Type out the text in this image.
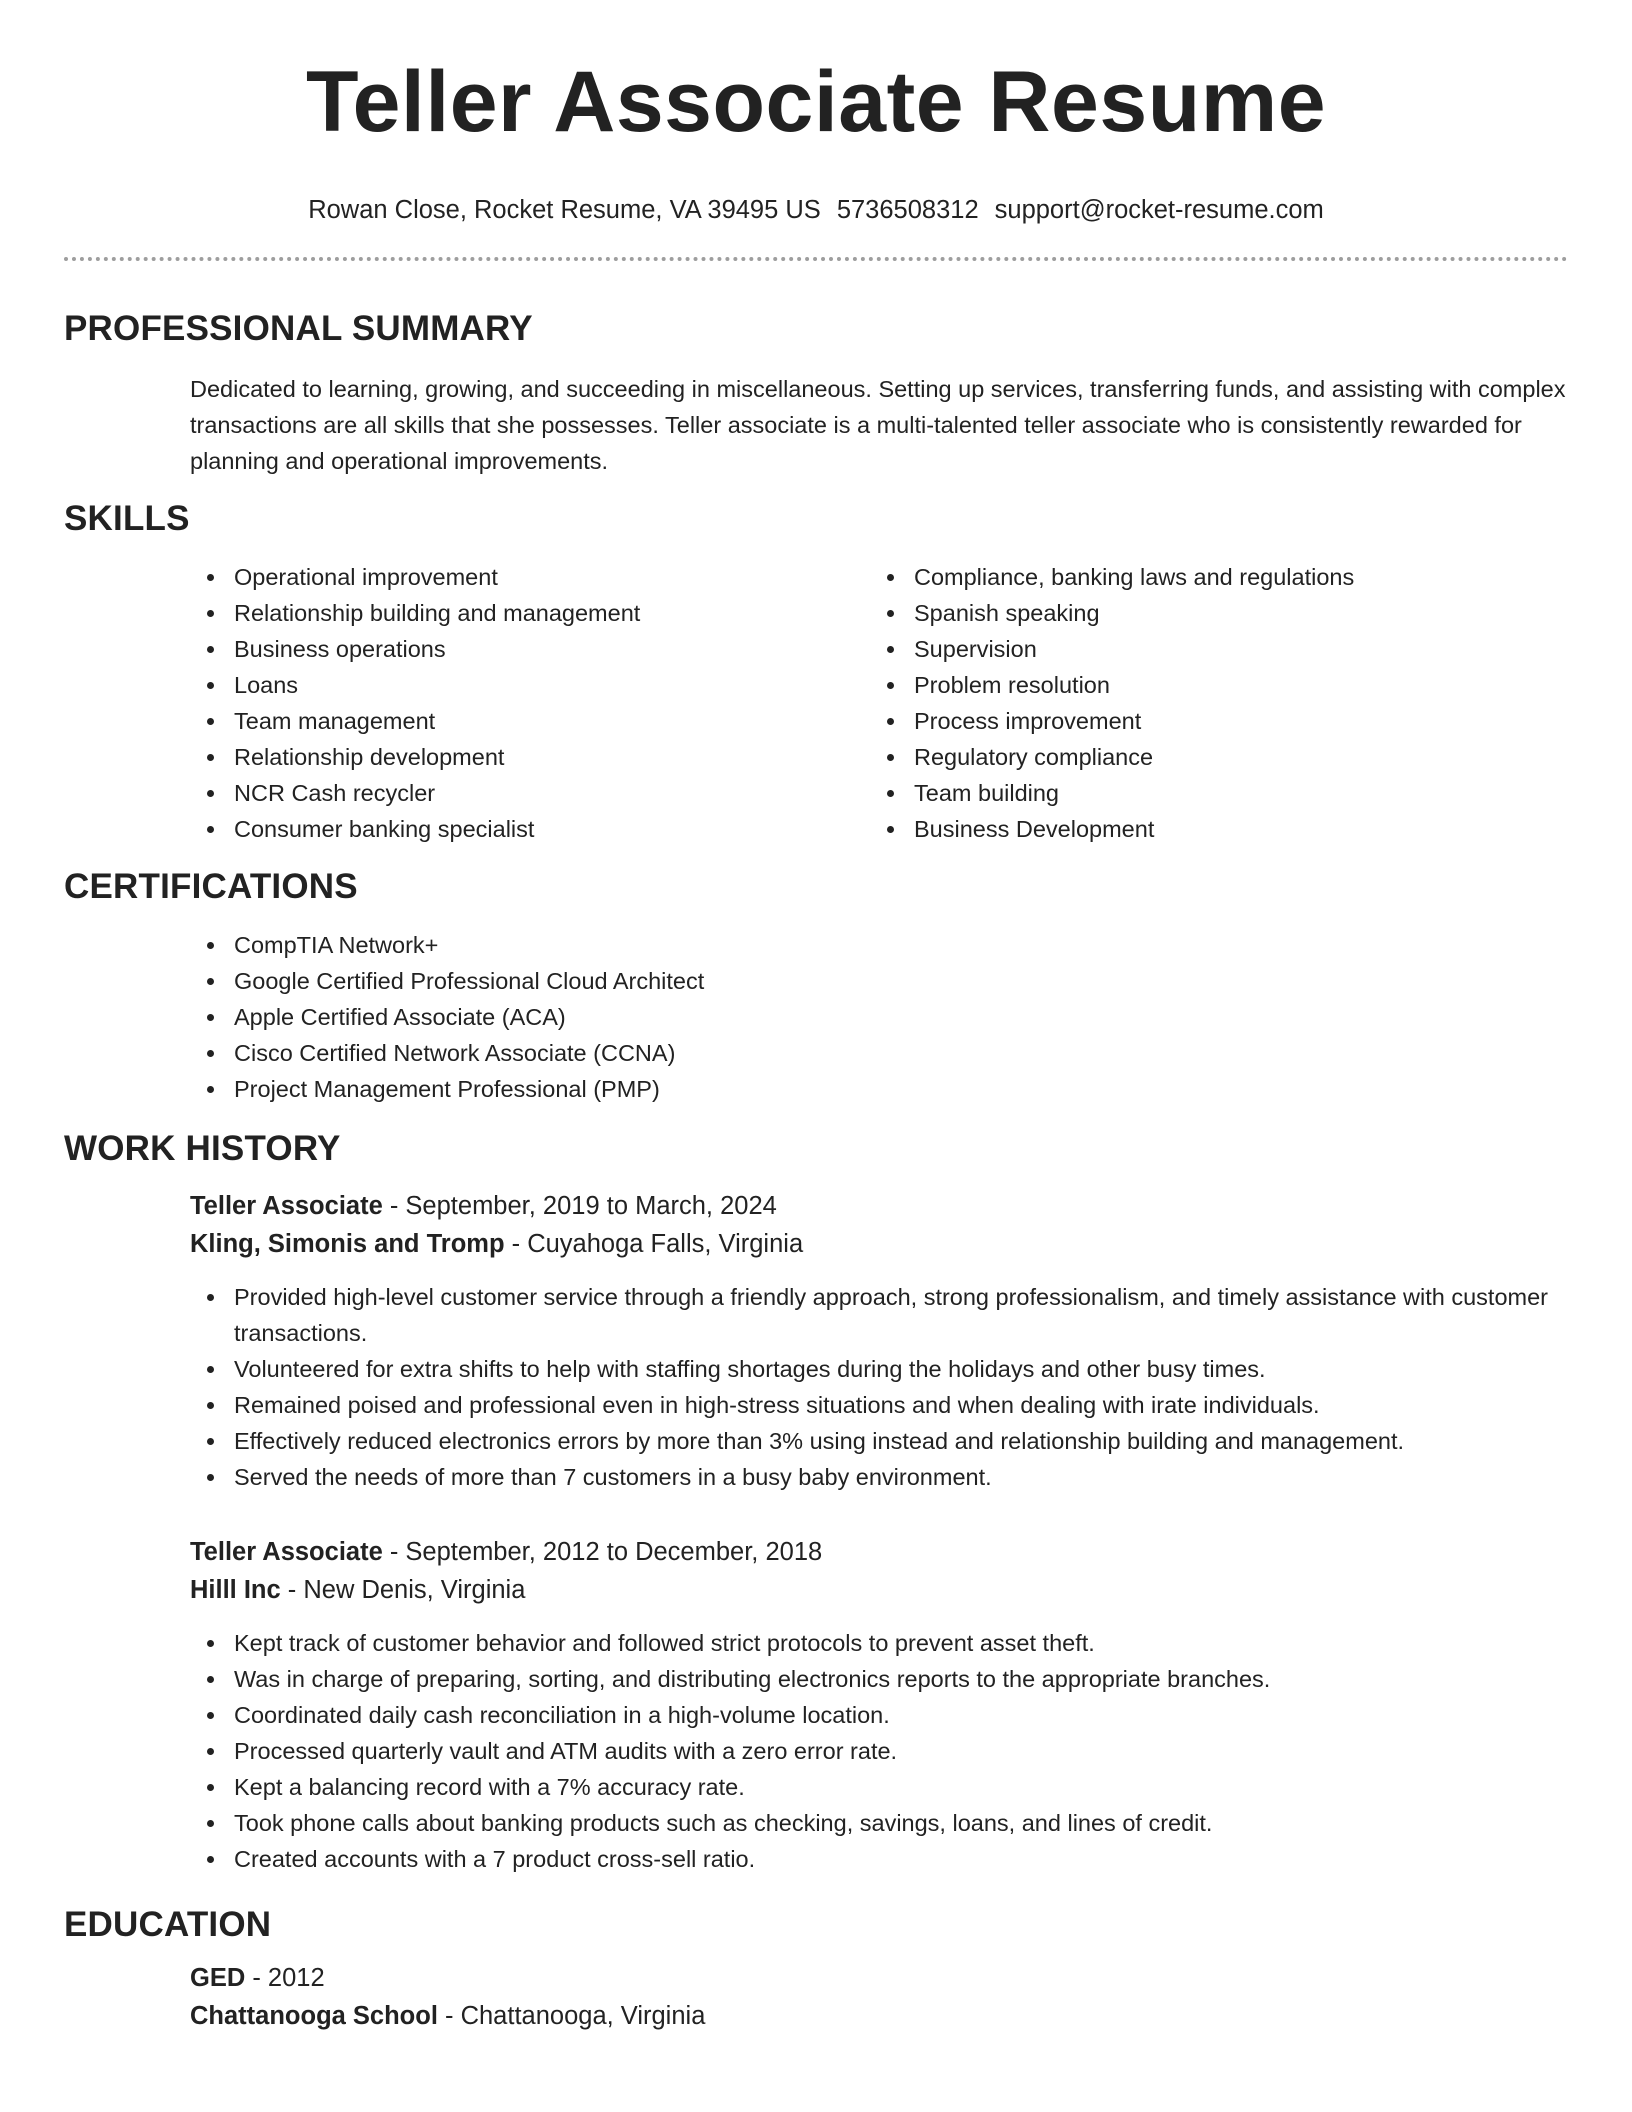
Teller Associate Resume
Rowan Close, Rocket Resume, VA 39495 US 5736508312 support@rocket-resume.com
PROFESSIONAL SUMMARY

Dedicated to learning, growing, and succeeding in miscellaneous. Setting up services, transferring funds, and assisting with complex transactions are all skills that she possesses. Teller associate is a multi-talented teller associate who is consistently rewarded for planning and operational improvements.

SKILLS
Operational improvement
Relationship building and management
Business operations
Loans
Team management
Relationship development
NCR Cash recycler
Consumer banking specialist
Compliance, banking laws and regulations
Spanish speaking
Supervision
Problem resolution
Process improvement
Regulatory compliance
Team building
Business Development
CERTIFICATIONS
CompTIA Network+
Google Certified Professional Cloud Architect
Apple Certified Associate (ACA)
Cisco Certified Network Associate (CCNA)
Project Management Professional (PMP)
WORK HISTORY

Teller Associate - September, 2019 to March, 2024

Kling, Simonis and Tromp - Cuyahoga Falls, Virginia

Provided high-level customer service through a friendly approach, strong professionalism, and timely assistance with customer transactions.
Volunteered for extra shifts to help with staffing shortages during the holidays and other busy times.
Remained poised and professional even in high-stress situations and when dealing with irate individuals.
Effectively reduced electronics errors by more than 3% using instead and relationship building and management.
Served the needs of more than 7 customers in a busy baby environment.

Teller Associate - September, 2012 to December, 2018

Hilll Inc - New Denis, Virginia

Kept track of customer behavior and followed strict protocols to prevent asset theft.
Was in charge of preparing, sorting, and distributing electronics reports to the appropriate branches.
Coordinated daily cash reconciliation in a high-volume location.
Processed quarterly vault and ATM audits with a zero error rate.
Kept a balancing record with a 7% accuracy rate.
Took phone calls about banking products such as checking, savings, loans, and lines of credit.
Created accounts with a 7 product cross-sell ratio.
EDUCATION

GED - 2012

Chattanooga School - Chattanooga, Virginia
